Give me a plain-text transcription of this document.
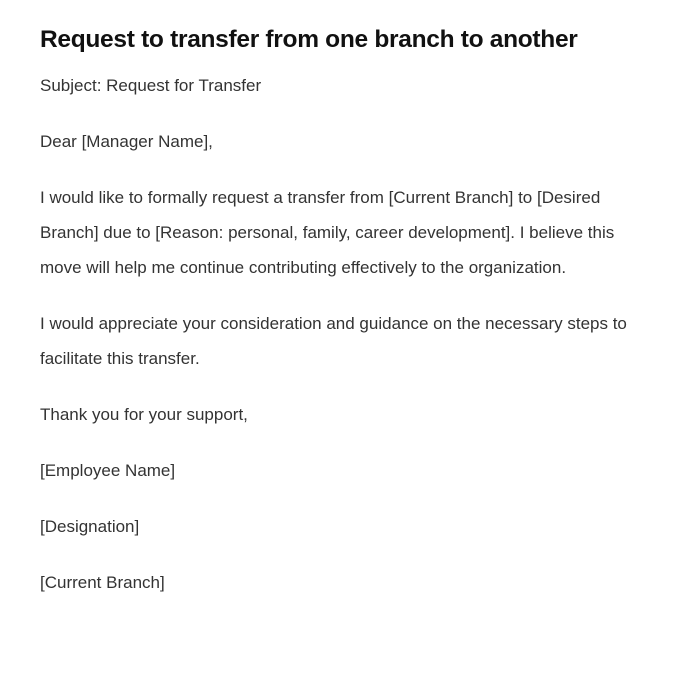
Request to transfer from one branch to another

Subject: Request for Transfer

Dear [Manager Name],

I would like to formally request a transfer from [Current Branch] to [Desired Branch] due to [Reason: personal, family, career development]. I believe this move will help me continue contributing effectively to the organization.

I would appreciate your consideration and guidance on the necessary steps to facilitate this transfer.

Thank you for your support,

[Employee Name]

[Designation]

[Current Branch]
